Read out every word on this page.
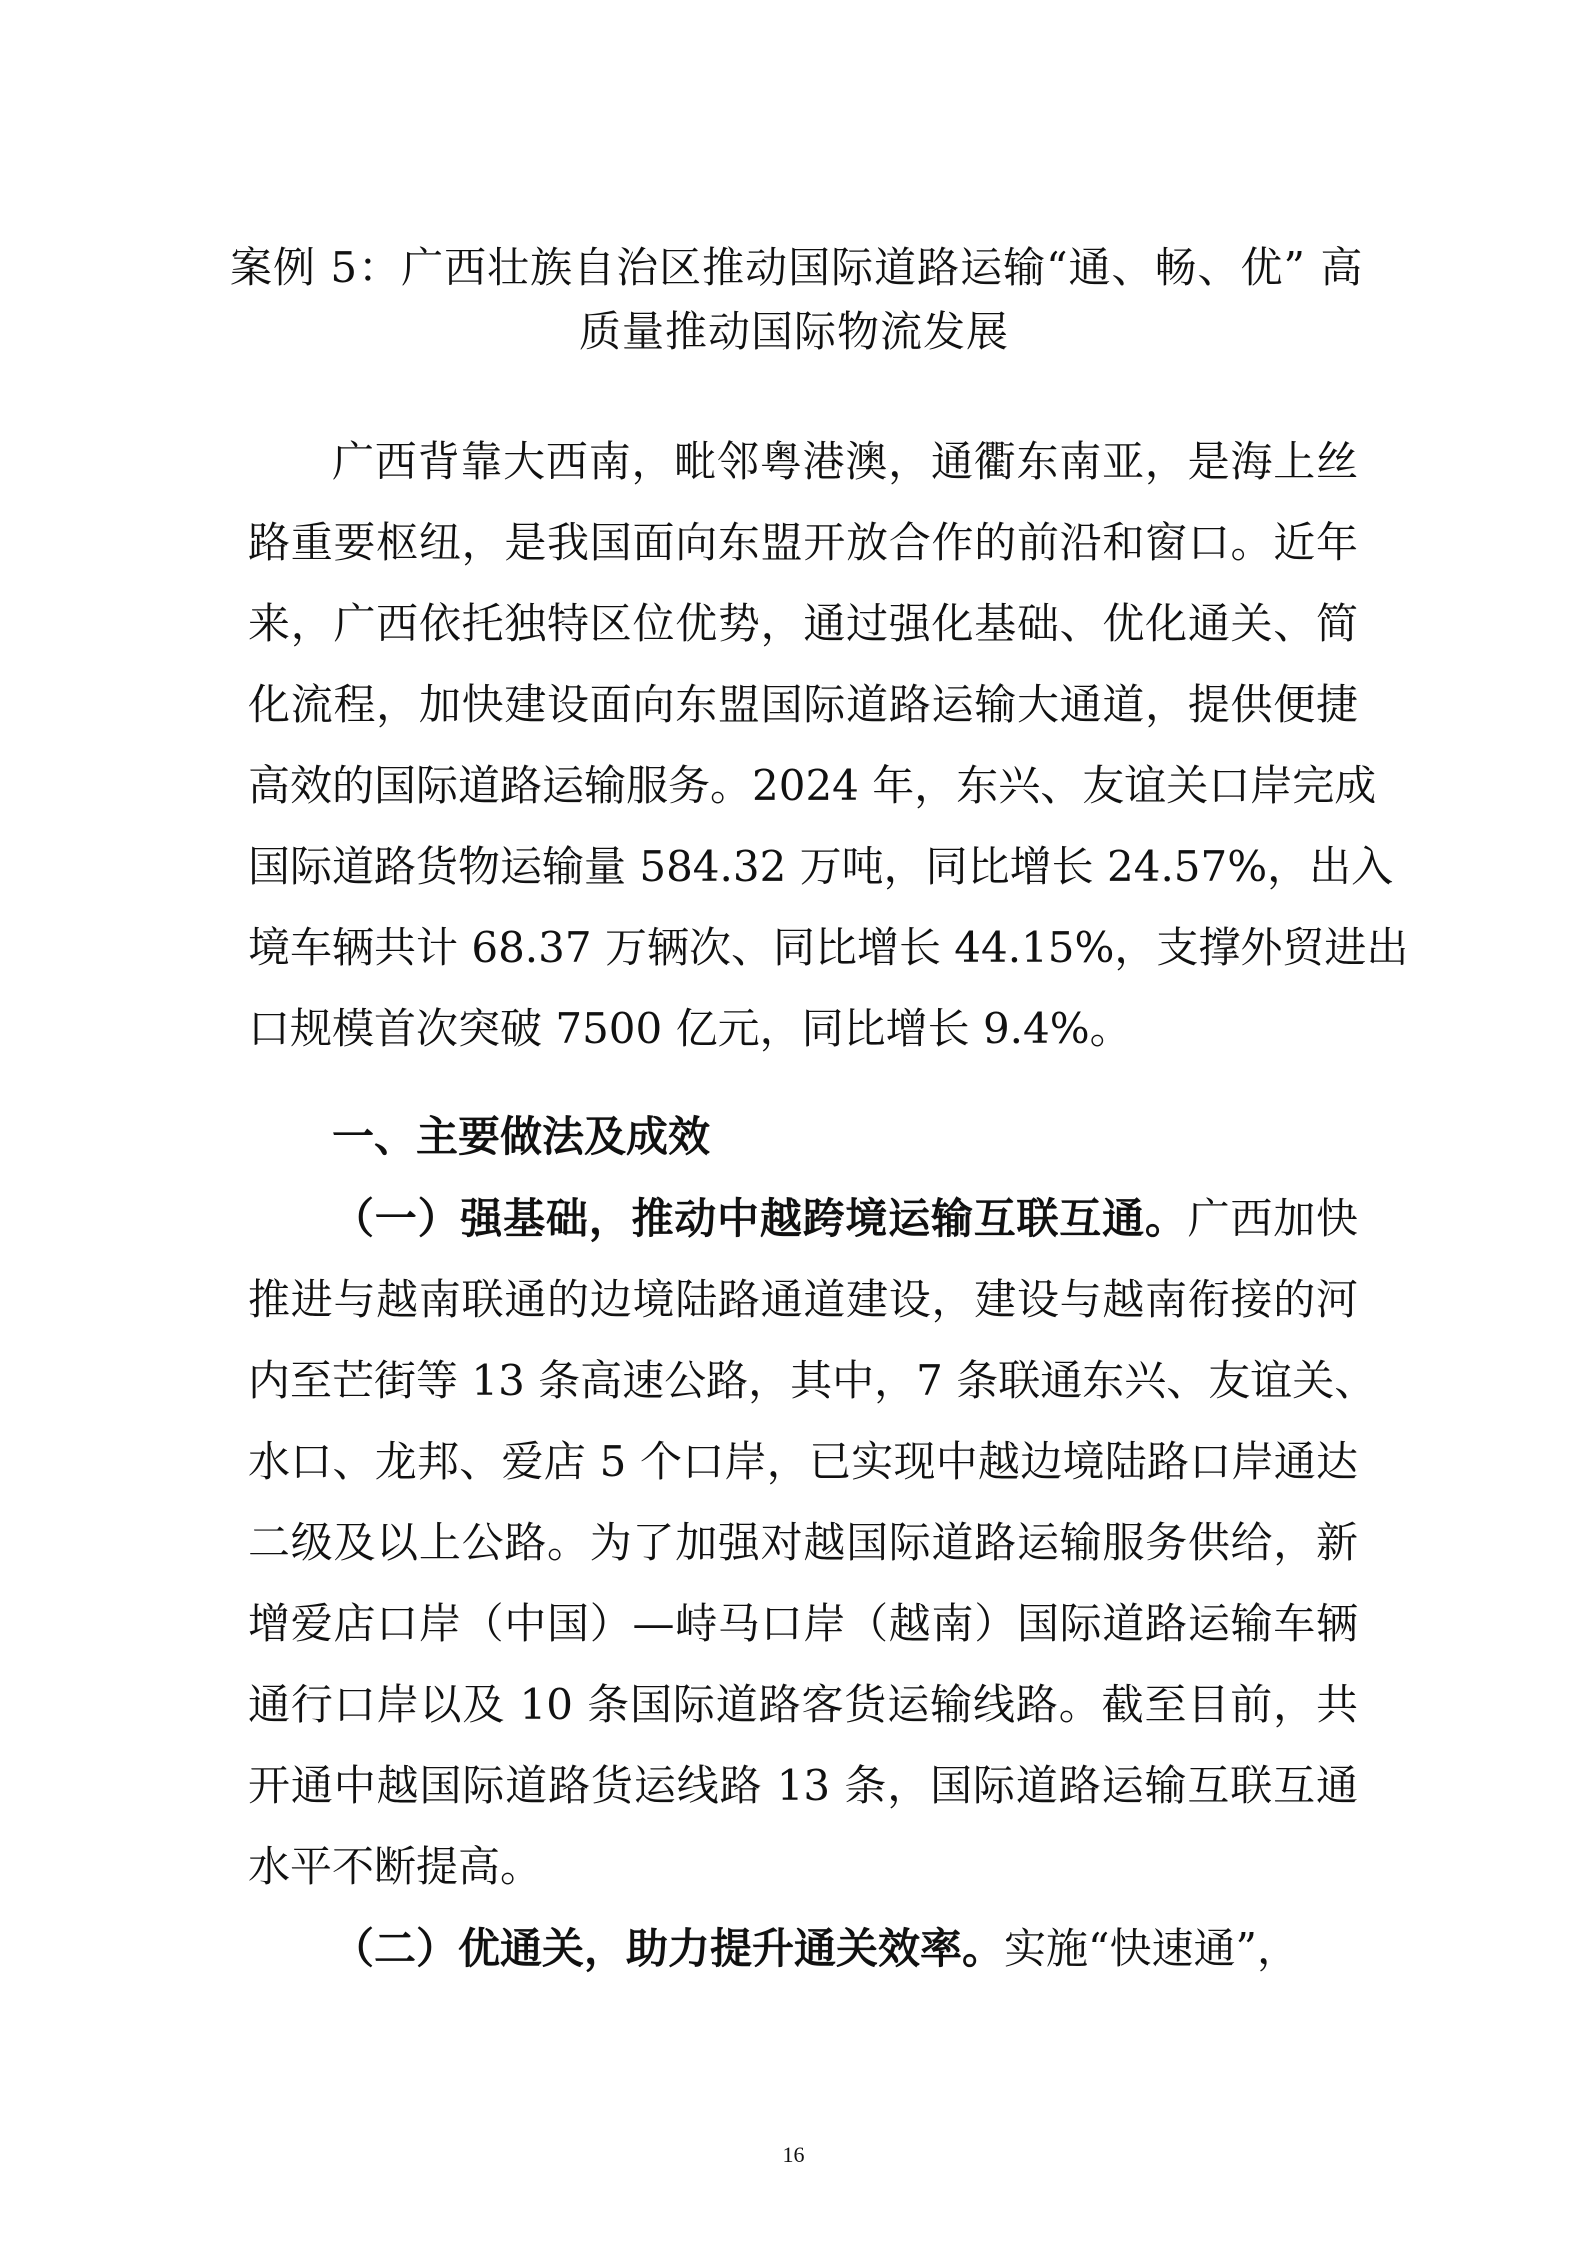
案例 5：广西壮族自治区推动国际道路运输“通、畅、优” 高
质量推动国际物流发展
广西背靠大西南，毗邻粤港澳，通衢东南亚，是海上丝
路重要枢纽，是我国面向东盟开放合作的前沿和窗口。近年
来，广西依托独特区位优势，通过强化基础、优化通关、简
化流程，加快建设面向东盟国际道路运输大通道，提供便捷
高效的国际道路运输服务。2024 年，东兴、友谊关口岸完成
国际道路货物运输量 584.32 万吨，同比增长 24.57%，出入
境车辆共计 68.37 万辆次、同比增长 44.15%，支撑外贸进出
口规模首次突破 7500 亿元，同比增长 9.4%。
一、主要做法及成效
（一）强基础，推动中越跨境运输互联互通。广西加快
推进与越南联通的边境陆路通道建设，建设与越南衔接的河
内至芒街等 13 条高速公路，其中，7 条联通东兴、友谊关、
水口、龙邦、爱店 5 个口岸，已实现中越边境陆路口岸通达
二级及以上公路。为了加强对越国际道路运输服务供给，新
增爱店口岸（中国）—峙马口岸（越南）国际道路运输车辆
通行口岸以及 10 条国际道路客货运输线路。截至目前，共
开通中越国际道路货运线路 13 条，国际道路运输互联互通
水平不断提高。
（二）优通关，助力提升通关效率。实施“快速通”，
16
